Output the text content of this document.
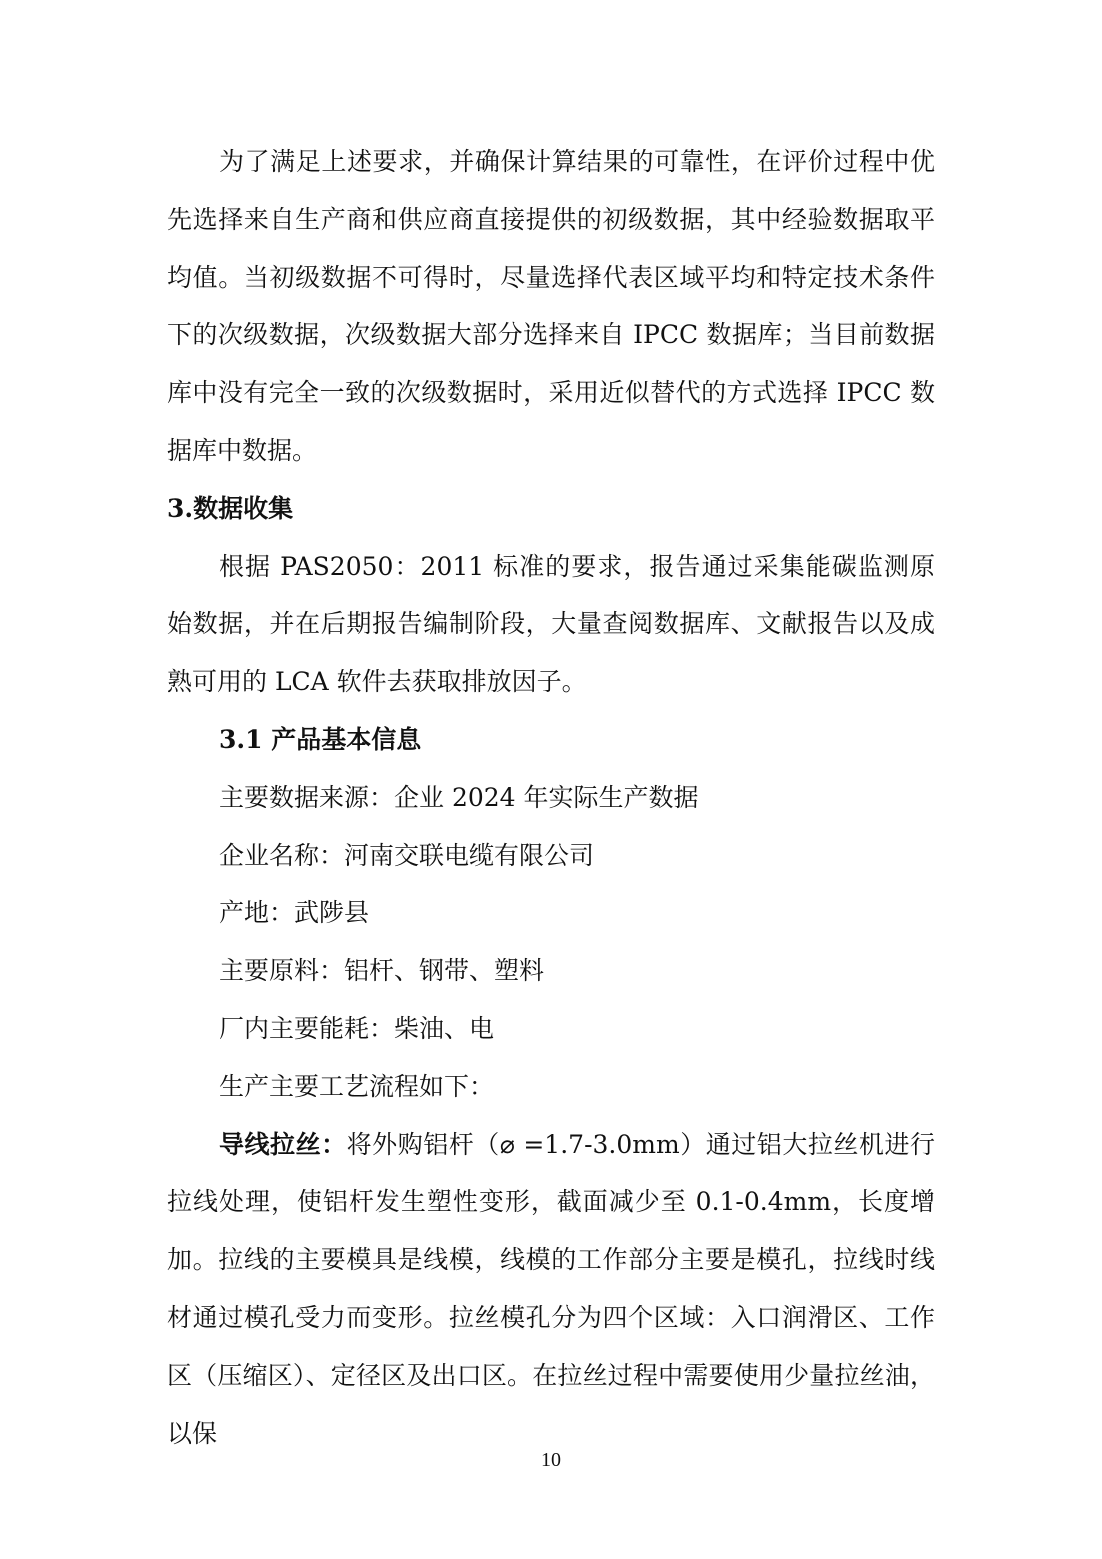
为了满足上述要求，并确保计算结果的可靠性，在评价过程中优先选择来自生产商和供应商直接提供的初级数据，其中经验数据取平均值。当初级数据不可得时，尽量选择代表区域平均和特定技术条件下的次级数据，次级数据大部分选择来自 IPCC 数据库；当目前数据库中没有完全一致的次级数据时，采用近似替代的方式选择 IPCC 数据库中数据。

3.数据收集

根据 PAS2050：2011 标准的要求，报告通过采集能碳监测原始数据，并在后期报告编制阶段，大量查阅数据库、文献报告以及成熟可用的 LCA 软件去获取排放因子。

3.1 产品基本信息

主要数据来源：企业 2024 年实际生产数据

企业名称：河南交联电缆有限公司

产地：武陟县

主要原料：铝杆、钢带、塑料

厂内主要能耗：柴油、电

生产主要工艺流程如下：

导线拉丝：将外购铝杆（⌀ =1.7-3.0mm）通过铝大拉丝机进行拉线处理，使铝杆发生塑性变形，截面减少至 0.1-0.4mm，长度增加。拉线的主要模具是线模，线模的工作部分主要是模孔，拉线时线材通过模孔受力而变形。拉丝模孔分为四个区域：入口润滑区、工作区（压缩区）、定径区及出口区。在拉丝过程中需要使用少量拉丝油，以保

10
